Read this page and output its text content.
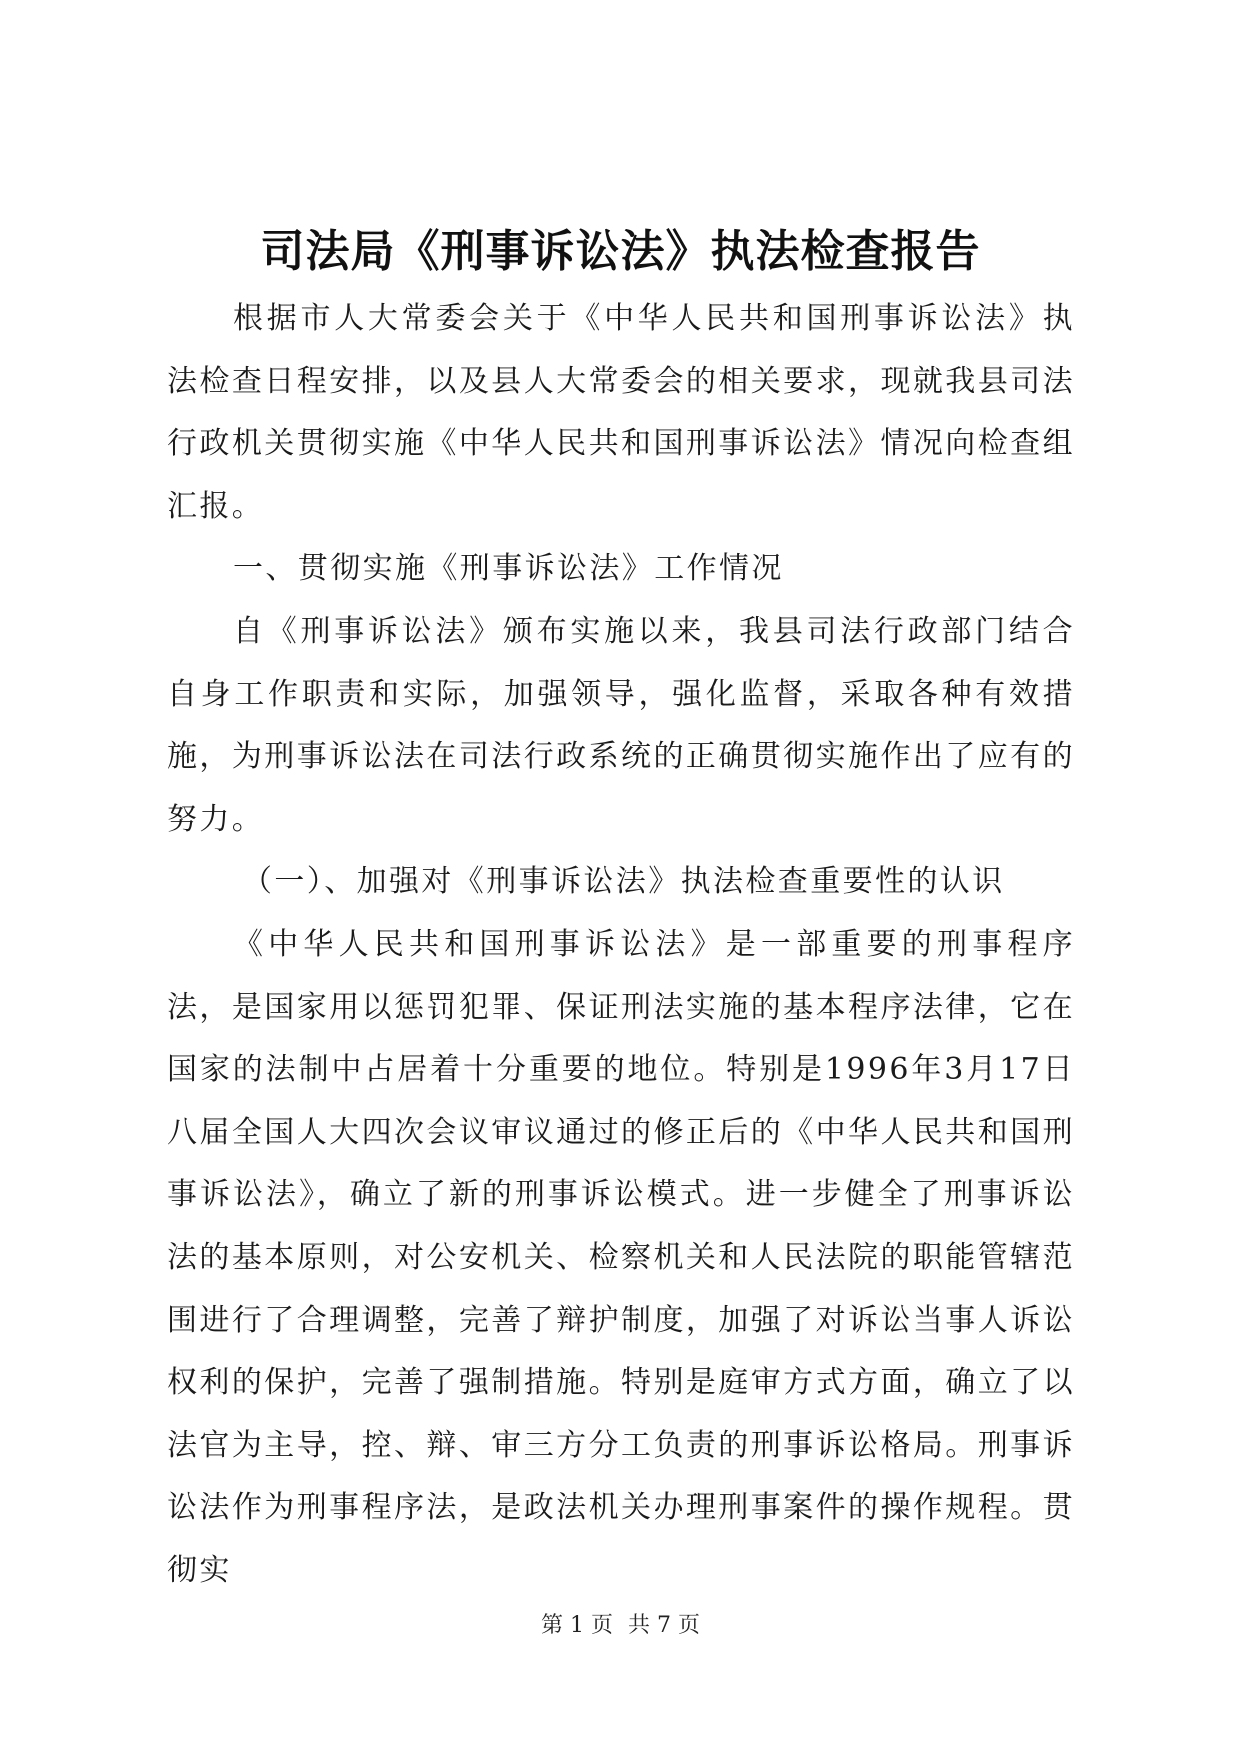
司法局《刑事诉讼法》执法检查报告

根据市人大常委会关于《中华人民共和国刑事诉讼法》执法检查日程安排，以及县人大常委会的相关要求，现就我县司法行政机关贯彻实施《中华人民共和国刑事诉讼法》情况向检查组汇报。

一、贯彻实施《刑事诉讼法》工作情况

自《刑事诉讼法》颁布实施以来，我县司法行政部门结合自身工作职责和实际，加强领导，强化监督，采取各种有效措施，为刑事诉讼法在司法行政系统的正确贯彻实施作出了应有的努力。

（一）、加强对《刑事诉讼法》执法检查重要性的认识

《中华人民共和国刑事诉讼法》是一部重要的刑事程序法，是国家用以惩罚犯罪、保证刑法实施的基本程序法律，它在国家的法制中占居着十分重要的地位。特别是1996年3月17日八届全国人大四次会议审议通过的修正后的《中华人民共和国刑事诉讼法》，确立了新的刑事诉讼模式。进一步健全了刑事诉讼法的基本原则，对公安机关、检察机关和人民法院的职能管辖范围进行了合理调整，完善了辩护制度，加强了对诉讼当事人诉讼权利的保护，完善了强制措施。特别是庭审方式方面，确立了以法官为主导，控、辩、审三方分工负责的刑事诉讼格局。刑事诉讼法作为刑事程序法，是政法机关办理刑事案件的操作规程。贯彻实

第 1 页 共 7 页
